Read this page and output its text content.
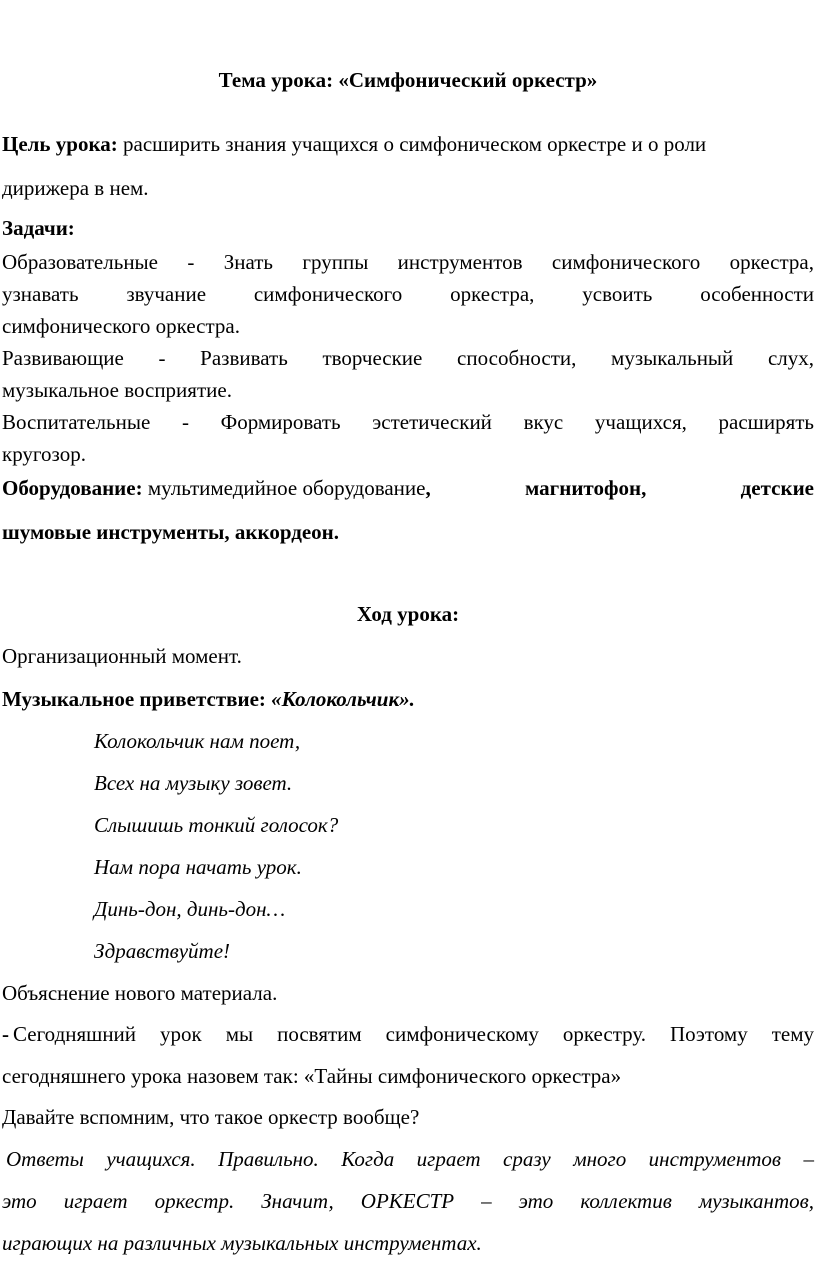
Тема урока: «Симфонический оркестр»
Цель урока: расширить знания учащихся о симфоническом оркестре и о роли
дирижера в нем.
Задачи:
Образовательные - Знать группы инструментов симфонического оркестра,
узнавать звучание симфонического оркестра, усвоить особенности
симфонического оркестра.
Развивающие - Развивать творческие способности, музыкальный слух,
музыкальное восприятие.
Воспитательные - Формировать эстетический вкус учащихся, расширять
кругозор.
Оборудование: мультимедийное оборудование , магнитофон, детские
шумовые инструменты, аккордеон.
Ход урока:
Организационный момент.
Музыкальное приветствие: «Колокольчик».
Колокольчик нам поет,
Всех на музыку зовет.
Слышишь тонкий голосок?
Нам пора начать урок.
Динь-дон, динь-дон…
Здравствуйте!
Объяснение нового материала.
- Сегодняшний урок мы посвятим симфоническому оркестру. Поэтому тему
сегодняшнего урока назовем так: «Тайны симфонического оркестра»
Давайте вспомним, что такое оркестр вообще?
Ответы учащихся. Правильно. Когда играет сразу много инструментов –
это играет оркестр. Значит, ОРКЕСТР – это коллектив музыкантов,
играющих на различных музыкальных инструментах.
